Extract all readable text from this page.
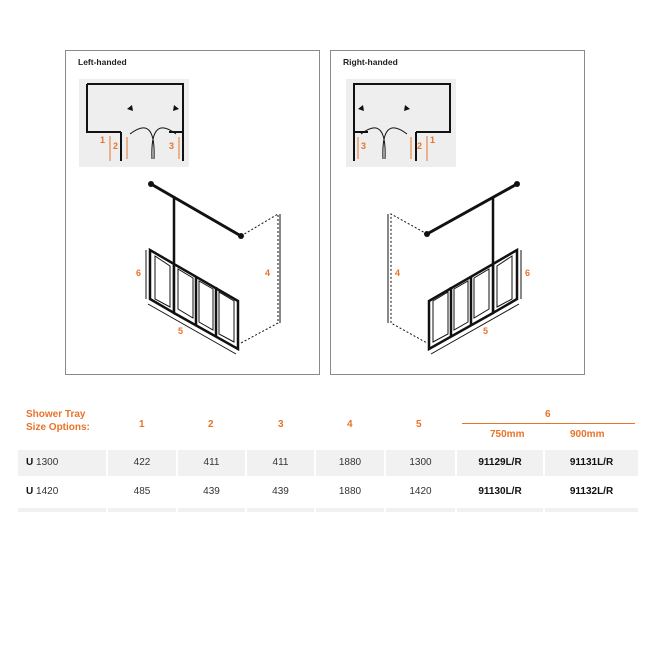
Left-handed
1
2	3
4
6
5
Right-handed
3	2
1
4	6
5
Shower Tray
Size Options:	1	2	3	4	5
6
750mm	900mm
U 1300	422	411	411	1880	1300	91129L/R	91131L/R
U 1420	485	439	439	1880	1420	91130L/R	91132L/R
